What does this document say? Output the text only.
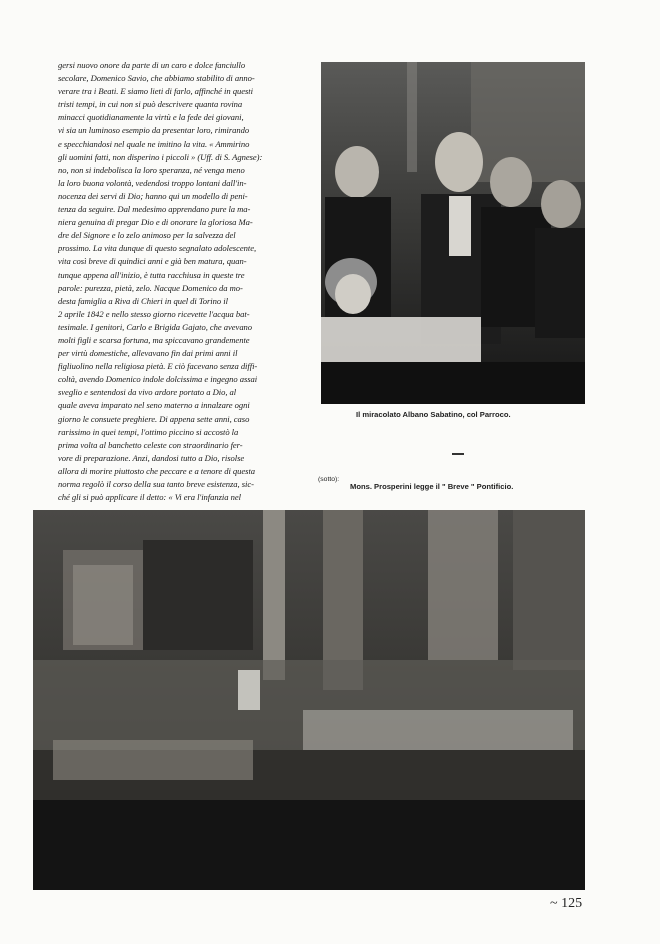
gersi nuovo onore da parte di un caro e dolce fanciullo
secolare, Domenico Savio, che abbiamo stabilito di anno-
verare tra i Beati. E siamo lieti di farlo, affinché in questi
tristi tempi, in cui non si può descrivere quanta rovina
minacci quotidianamente la virtù e la fede dei giovani,
vi sia un luminoso esempio da presentar loro, rimirando
e specchiandosi nel quale ne imitino la vita. « Ammirino
gli uomini fatti, non disperino i piccoli » (Uff. di S. Agnese):
no, non si indebolisca la loro speranza, né venga meno
la loro buona volontà, vedendosi troppo lontani dall'in-
nocenza dei servi di Dio; hanno qui un modello di peni-
tenza da seguire. Dal medesimo apprendano pure la ma-
niera genuina di pregar Dio e di onorare la gloriosa Ma-
dre del Signore e lo zelo animoso per la salvezza del
prossimo. La vita dunque di questo segnalato adolescente,
vita così breve di quindici anni e già ben matura, quan-
tunque appena all'inizio, è tutta racchiusa in queste tre
parole: purezza, pietà, zelo. Nacque Domenico da mo-
desta famiglia a Riva di Chieri in quel di Torino il
2 aprile 1842 e nello stesso giorno ricevette l'acqua bat-
tesimale. I genitori, Carlo e Brigida Gajato, che avevano
molti figli e scarsa fortuna, ma spiccavano grandemente
per virtù domestiche, allevavano fin dai primi anni il
figliuolino nella religiosa pietà. E ciò facevano senza diffi-
coltà, avendo Domenico indole dolcissima e ingegno assai
sveglio e sentendosi da vivo ardore portato a Dio, al
quale aveva imparato nel seno materno a innalzare ogni
giorno le consuete preghiere. Di appena sette anni, caso
rarissimo in quei tempi, l'ottimo piccino si accostò la
prima volta al banchetto celeste con straordinario fer-
vore di preparazione. Anzi, dandosi tutto a Dio, risolse
allora di morire piuttosto che peccare e a tenore di questa
norma regolò il corso della sua tanto breve esistenza, sic-
ché gli si può applicare il detto: « Vi era l'infanzia nel
Il miracolato Albano Sabatino, col Parroco.
(sotto):
Mons. Prosperini legge il " Breve " Pontificio.
~ 125
